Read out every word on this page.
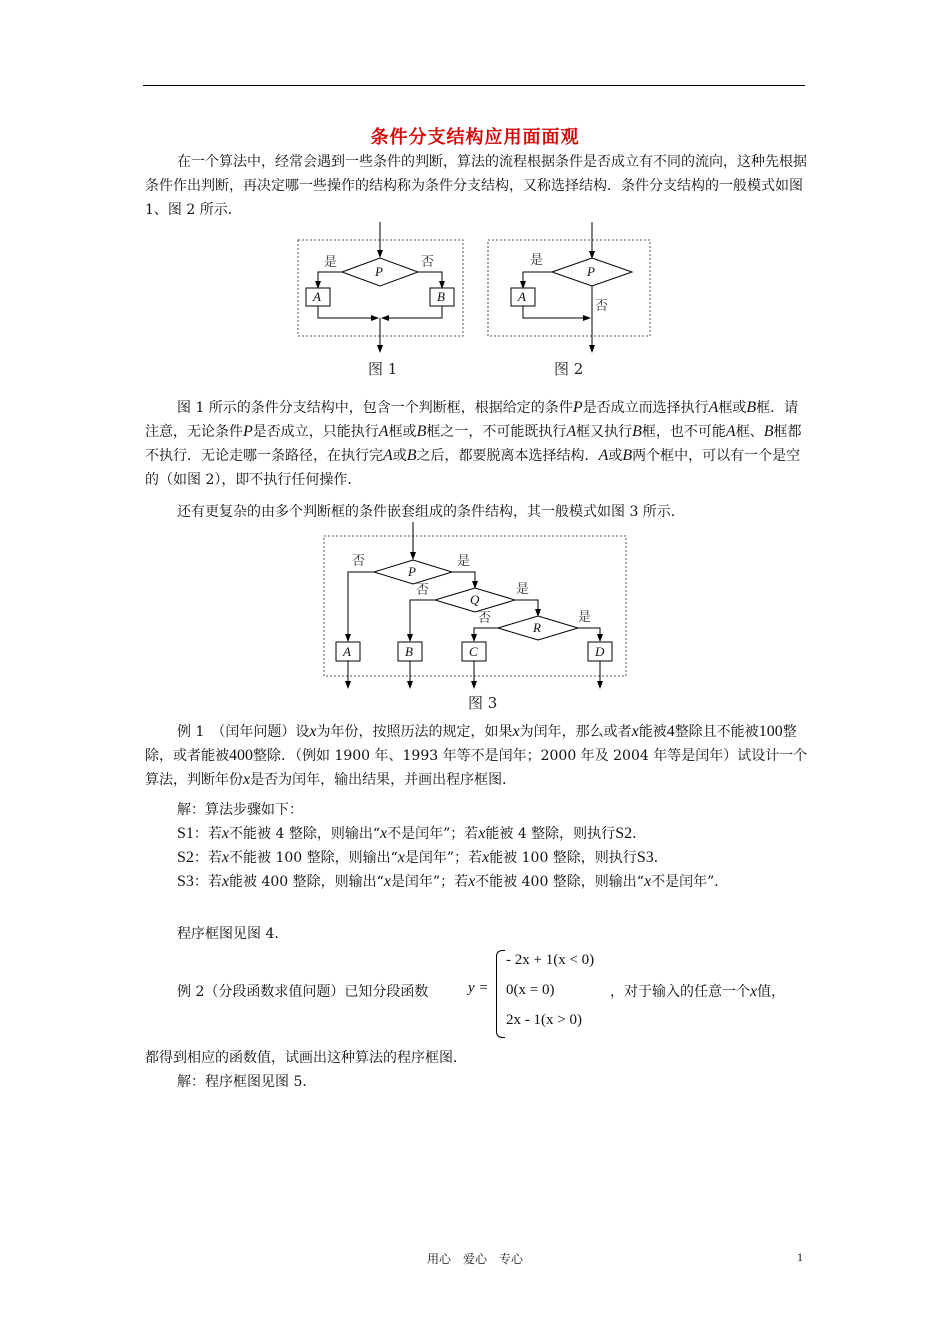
条件分支结构应用面面观

在一个算法中，经常会遇到一些条件的判断，算法的流程根据条件是否成立有不同的流向，这种先根据条件作出判断，再决定哪一些操作的结构称为条件分支结构，又称选择结构．条件分支结构的一般模式如图 1、图 2 所示．

P
是	否
A	B
图 1
P
是
A
否
图 2
图 1 所示的条件分支结构中，包含一个判断框，根据给定的条件P是否成立而选择执行A框或B框．请注意，无论条件P是否成立，只能执行A框或B框之一，不可能既执行A框又执行B框，也不可能A框、B框都不执行．无论走哪一条路径，在执行完A或B之后，都要脱离本选择结构．A或B两个框中，可以有一个是空的（如图 2），即不执行任何操作．

还有更复杂的由多个判断框的条件嵌套组成的条件结构，其一般模式如图 3 所示．

P
否	是
Q
否	是
R
否	是
A	B	C	D
图 3
例 1　（闰年问题）设x为年份，按照历法的规定，如果x为闰年，那么或者x能被4整除且不能被100整除，或者能被400整除．（例如 1900 年、1993 年等不是闰年；2000 年及 2004 年等是闰年）试设计一个算法，判断年份x是否为闰年，输出结果，并画出程序框图．

解：算法步骤如下：

S1：若x不能被 4 整除，则输出“x不是闰年”；若x能被 4 整除，则执行S2．
S2：若x不能被 100 整除，则输出“x是闰年”；若x能被 100 整除，则执行S3．
S3：若x能被 400 整除，则输出“x是闰年”；若x不能被 400 整除，则输出“x不是闰年”．

程序框图见图 4．

例 2（分段函数求值问题）已知分段函数	y =
- 2x + 1(x < 0)
0(x = 0)
2x - 1(x > 0)
，对于输入的任意一个x值，

都得到相应的函数值，试画出这种算法的程序框图．

解：程序框图见图 5．

用心　爱心　专心	1
